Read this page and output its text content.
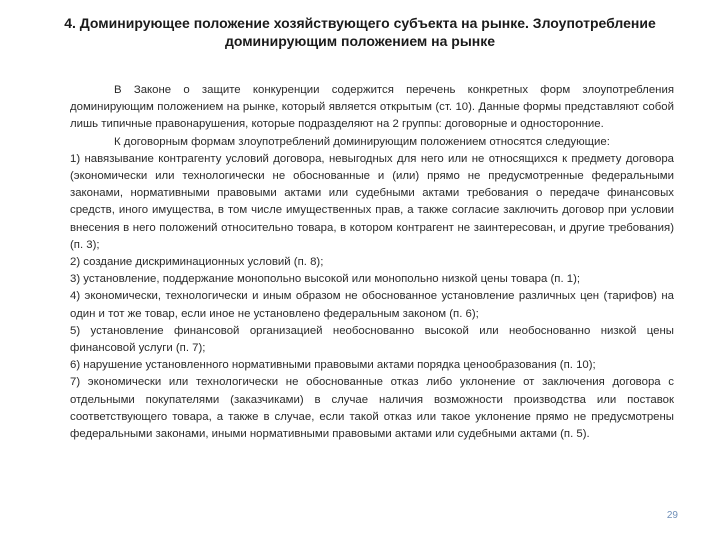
4. Доминирующее положение хозяйствующего субъекта на рынке. Злоупотребление
доминирующим положением на рынке

В Законе о защите конкуренции содержится перечень конкретных форм злоупотребления доминирующим положением на рынке, который является открытым (ст. 10). Данные формы представляют собой лишь типичные правонарушения, которые подразделяют на 2 группы: договорные и односторонние.

К договорным формам злоупотреблений доминирующим положением относятся следующие:

1) навязывание контрагенту условий договора, невыгодных для него или не относящихся к предмету договора (экономически или технологически не обоснованные и (или) прямо не предусмотренные федеральными законами, нормативными правовыми актами или судебными актами требования о передаче финансовых средств, иного имущества, в том числе имущественных прав, а также согласие заключить договор при условии внесения в него положений относительно товара, в котором контрагент не заинтересован, и другие требования) (п. 3);

2) создание дискриминационных условий (п. 8);

3) установление, поддержание монопольно высокой или монопольно низкой цены товара (п. 1);

4) экономически, технологически и иным образом не обоснованное установление различных цен (тарифов) на один и тот же товар, если иное не установлено федеральным законом (п. 6);

5) установление финансовой организацией необоснованно высокой или необоснованно низкой цены финансовой услуги (п. 7);

6) нарушение установленного нормативными правовыми актами порядка ценообразования (п. 10);

7) экономически или технологически не обоснованные отказ либо уклонение от заключения договора с отдельными покупателями (заказчиками) в случае наличия возможности производства или поставок соответствующего товара, а также в случае, если такой отказ или такое уклонение прямо не предусмотрены федеральными законами, иными нормативными правовыми актами или судебными актами (п. 5).

29
